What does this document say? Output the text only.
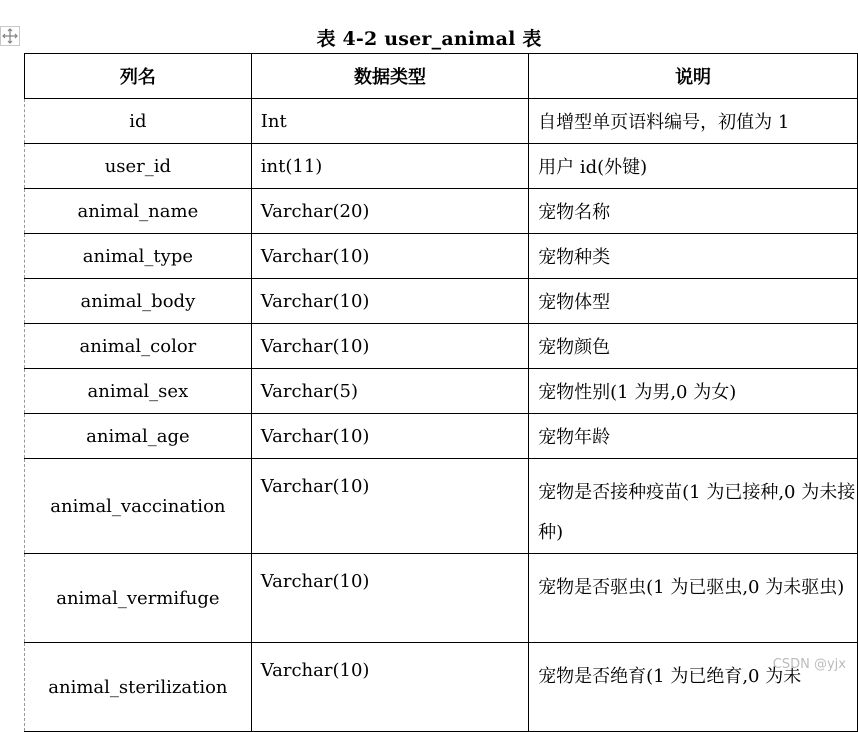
表 4-2 user_animal 表
列名	数据类型	说明
id	Int	自增型单页语料编号，初值为 1
user_id	int(11)	用户 id(外键)
animal_name	Varchar(20)	宠物名称
animal_type	Varchar(10)	宠物种类
animal_body	Varchar(10)	宠物体型
animal_color	Varchar(10)	宠物颜色
animal_sex	Varchar(5)	宠物性别(1 为男,0 为女)
animal_age	Varchar(10)	宠物年龄
animal_vaccination	Varchar(10)	宠物是否接种疫苗(1 为已接种,0 为未接种)
animal_vermifuge	Varchar(10)	宠物是否驱虫(1 为已驱虫,0 为未驱虫)
animal_sterilization	Varchar(10)	宠物是否绝育(1 为已绝育,0 为未
CSDN @yjx
